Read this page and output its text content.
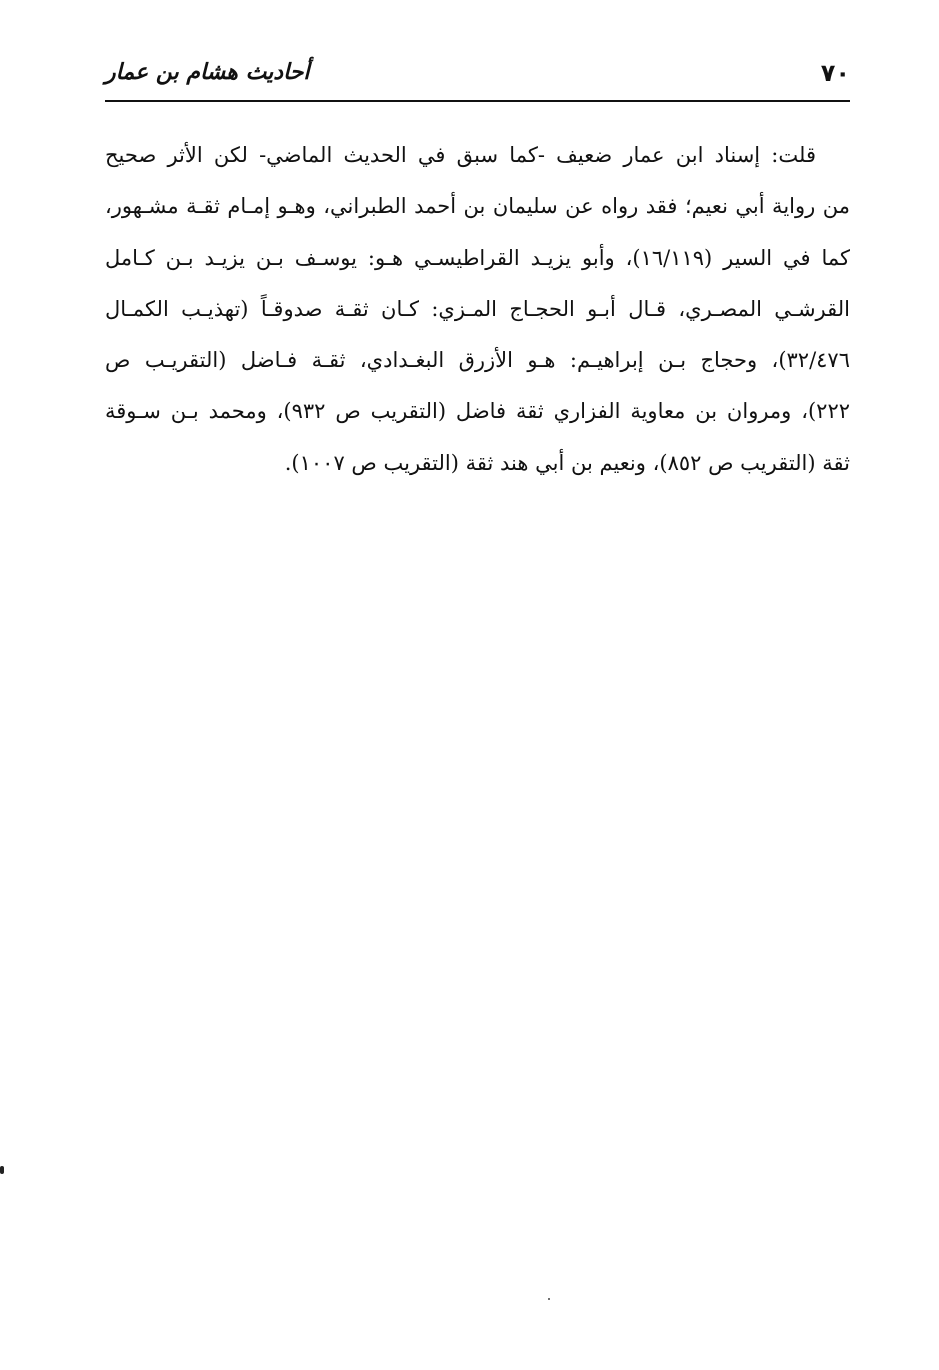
٧٠
أحاديث هشام بن عمار
قلت: إسناد ابن عمار ضعيف -كما سبق في الحديث الماضي- لكن الأثر صحيح
من رواية أبي نعيم؛ فقد رواه عن سليمان بن أحمد الطبراني، وهـو إمـام ثقـة مشـهور،
كما في السير (١٦/١١٩)، وأبو يزيـد القراطيسـي هـو: يوسـف بـن يزيـد بـن كـامل
القرشـي المصـري، قـال أبـو الحجـاج المـزي: كـان ثقـة صدوقـاً (تهذيـب الكمـال
٣٢/٤٧٦)، وحجاج بـن إبراهيـم: هـو الأزرق البغـدادي، ثقـة فـاضل (التقريـب ص
٢٢٢)، ومروان بن معاوية الفزاري ثقة فاضل (التقريب ص ٩٣٢)، ومحمد بـن سـوقة
ثقة (التقريب ص ٨٥٢)، ونعيم بن أبي هند ثقة (التقريب ص ١٠٠٧).
